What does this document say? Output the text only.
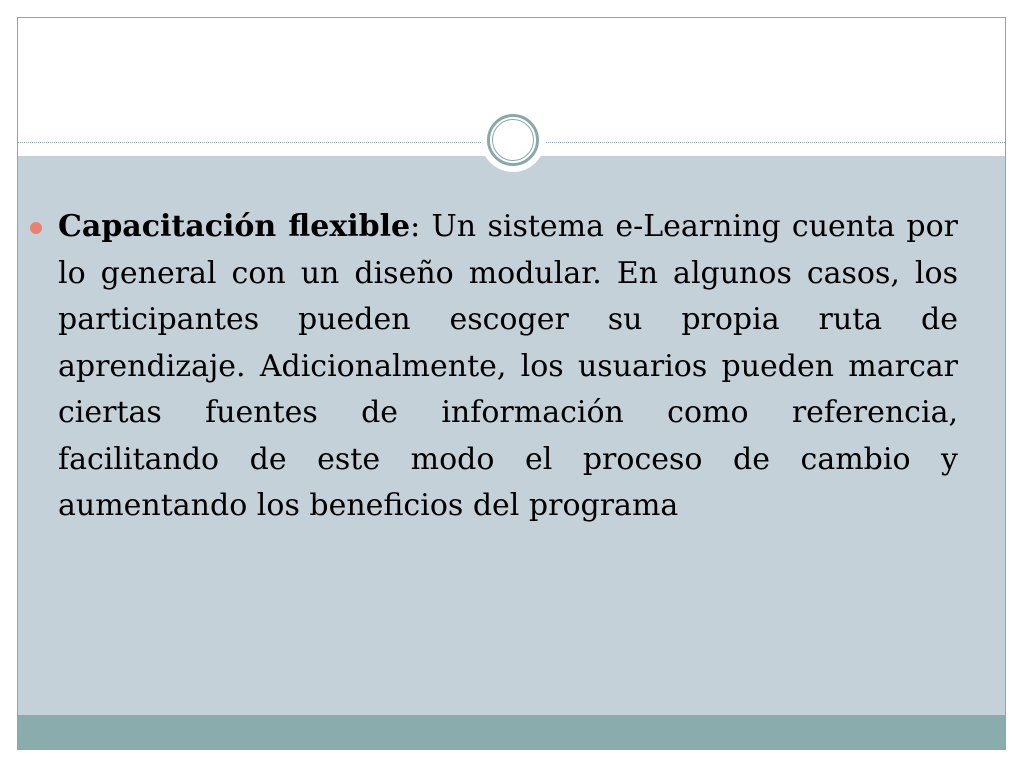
Capacitación flexible: Un sistema e-Learning cuenta por lo general con un diseño modular. En algunos casos, los participantes pueden escoger su propia ruta de aprendizaje. Adicionalmente, los usuarios pueden marcar ciertas fuentes de información como referencia, facilitando de este modo el proceso de cambio y aumentando los beneficios del programa
